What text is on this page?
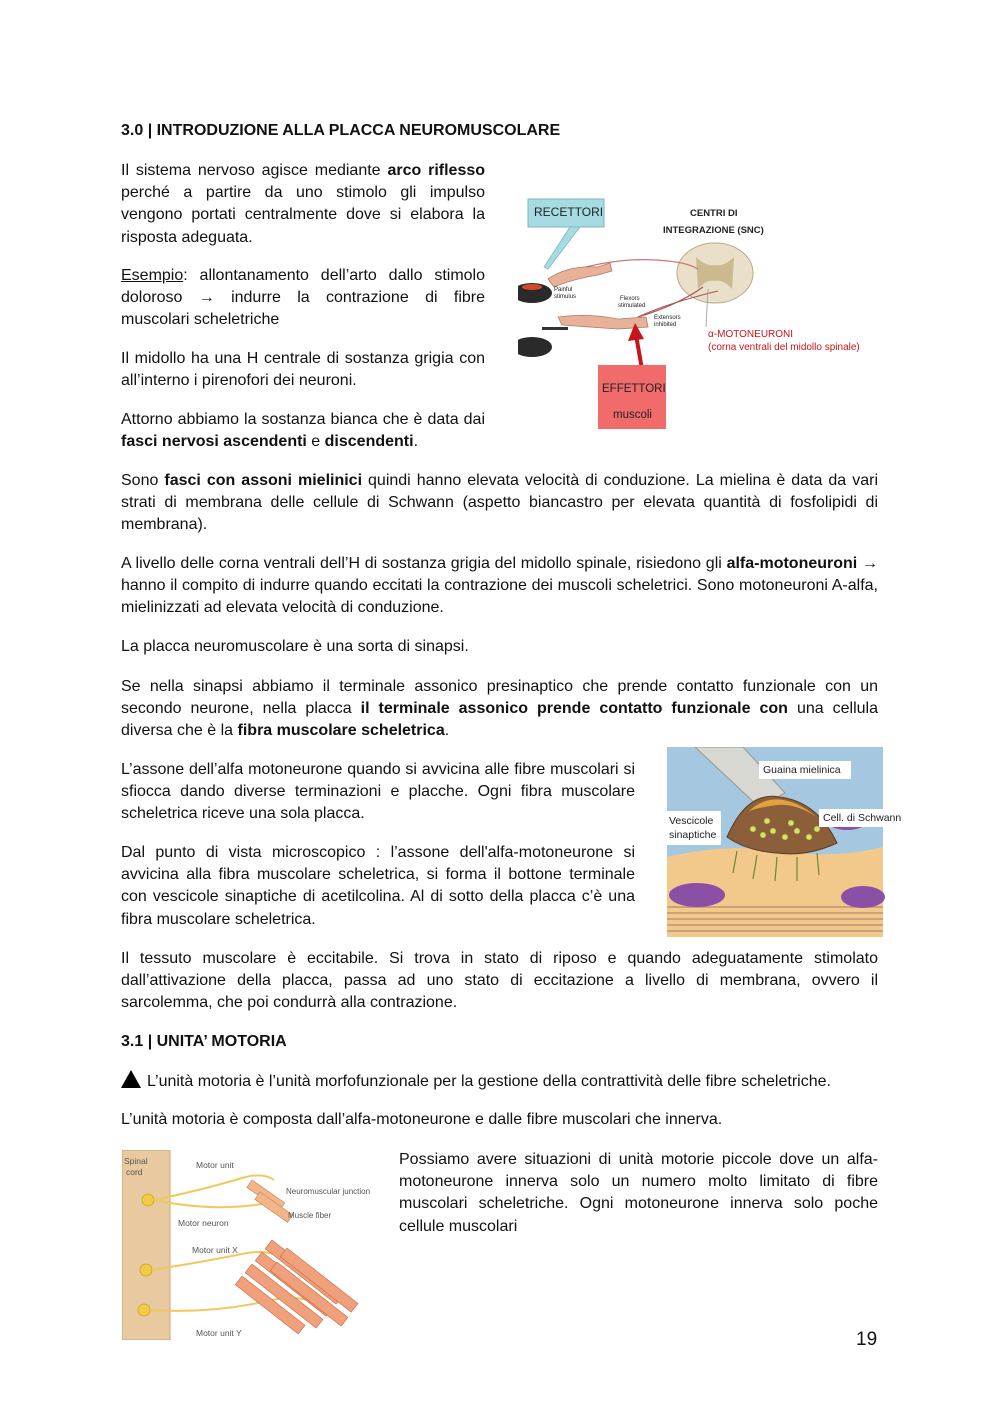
3.0 | INTRODUZIONE ALLA PLACCA NEUROMUSCOLARE

Il sistema nervoso agisce mediante arco riflesso perché a partire da uno stimolo gli impulso vengono portati centralmente dove si elabora la risposta adeguata.

Esempio: allontanamento dell’arto dallo stimolo doloroso → indurre la contrazione di fibre muscolari scheletriche

Il midollo ha una H centrale di sostanza grigia con all’interno i pirenofori dei neuroni.

Attorno abbiamo la sostanza bianca che è data dai fasci nervosi ascendenti e discendenti.

RECETTORI	CENTRI DI
INTEGRAZIONE (SNC)
Painful
stimulus	Flexors
stimulated
Extensors
inhibited
α-MOTONEURONI
(corna ventrali del midollo spinale)
EFFETTORI
muscoli

Sono fasci con assoni mielinici quindi hanno elevata velocità di conduzione. La mielina è data da vari strati di membrana delle cellule di Schwann (aspetto biancastro per elevata quantità di fosfolipidi di membrana).

A livello delle corna ventrali dell’H di sostanza grigia del midollo spinale, risiedono gli alfa-motoneuroni → hanno il compito di indurre quando eccitati la contrazione dei muscoli scheletrici. Sono motoneuroni A-alfa, mielinizzati ad elevata velocità di conduzione.

La placca neuromuscolare è una sorta di sinapsi.

Se nella sinapsi abbiamo il terminale assonico presinaptico che prende contatto funzionale con un secondo neurone, nella placca il terminale assonico prende contatto funzionale con una cellula diversa che è la fibra muscolare scheletrica.

L’assone dell’alfa motoneurone quando si avvicina alle fibre muscolari si sfiocca dando diverse terminazioni e placche. Ogni fibra muscolare scheletrica riceve una sola placca.

Dal punto di vista microscopico : l’assone dell'alfa-motoneurone si avvicina alla fibra muscolare scheletrica, si forma il bottone terminale con vescicole sinaptiche di acetilcolina. Al di sotto della placca c’è una fibra muscolare scheletrica.

Guaina mielinica
Vescicole
sinaptiche
Cell. di Schwann

Il tessuto muscolare è eccitabile. Si trova in stato di riposo e quando adeguatamente stimolato dall’attivazione della placca, passa ad uno stato di eccitazione a livello di membrana, ovvero il sarcolemma, che poi condurrà alla contrazione.

3.1 | UNITA’ MOTORIA
L’unità motoria è l’unità morfofunzionale per la gestione della contrattività delle fibre scheletriche.

L’unità motoria è composta dall’alfa-motoneurone e dalle fibre muscolari che innerva.

Spinal
cord
Motor unit
Neuromuscular junction
Muscle fiber
Motor neuron
Motor unit X
Motor unit Y

Possiamo avere situazioni di unità motorie piccole dove un alfa-motoneurone innerva solo un numero molto limitato di fibre muscolari scheletriche. Ogni motoneurone innerva solo poche cellule muscolari

19
